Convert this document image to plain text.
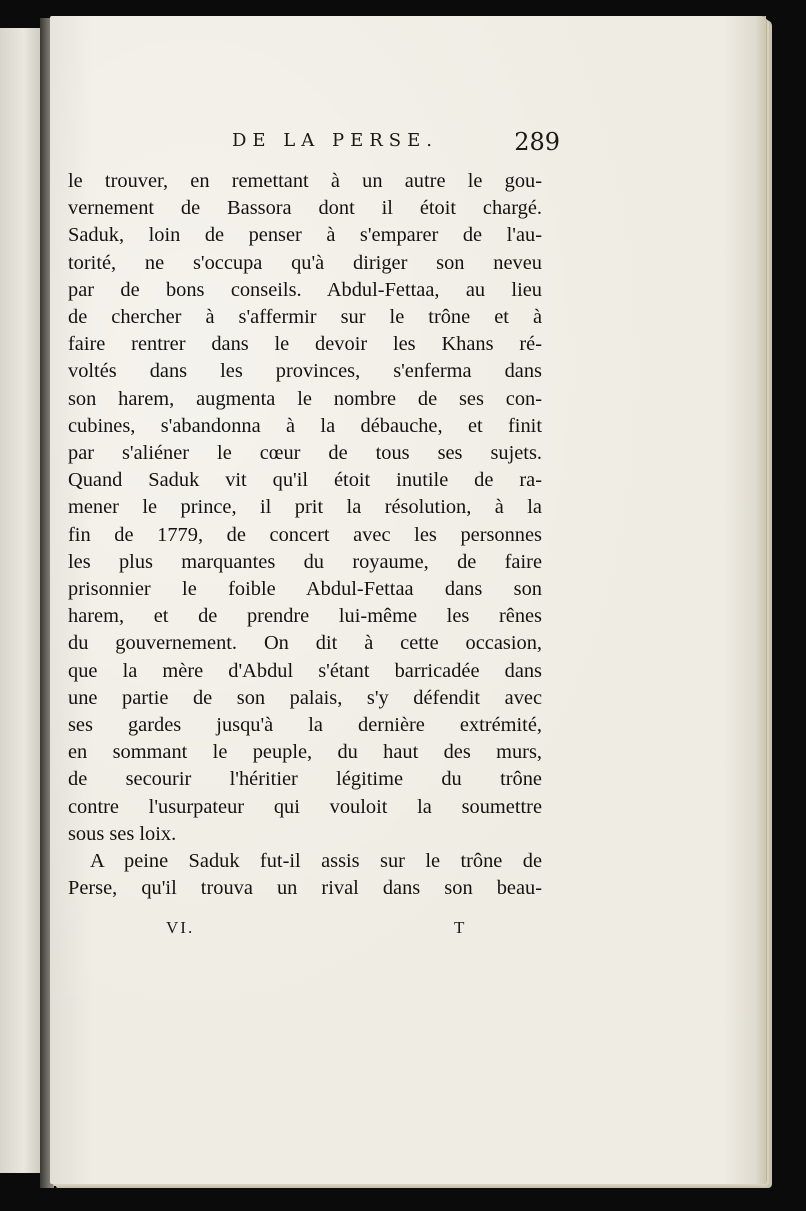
DE LA PERSE.	289
le trouver, en remettant à un autre le gou-
vernement de Bassora dont il étoit chargé.
Saduk, loin de penser à s'emparer de l'au-
torité, ne s'occupa qu'à diriger son neveu
par de bons conseils. Abdul-Fettaa, au lieu
de chercher à s'affermir sur le trône et à
faire rentrer dans le devoir les Khans ré-
voltés dans les provinces, s'enferma dans
son harem, augmenta le nombre de ses con-
cubines, s'abandonna à la débauche, et finit
par s'aliéner le cœur de tous ses sujets.
Quand Saduk vit qu'il étoit inutile de ra-
mener le prince, il prit la résolution, à la
fin de 1779, de concert avec les personnes
les plus marquantes du royaume, de faire
prisonnier le foible Abdul-Fettaa dans son
harem, et de prendre lui-même les rênes
du gouvernement. On dit à cette occasion,
que la mère d'Abdul s'étant barricadée dans
une partie de son palais, s'y défendit avec
ses gardes jusqu'à la dernière extrémité,
en sommant le peuple, du haut des murs,
de secourir l'héritier légitime du trône
contre l'usurpateur qui vouloit la soumettre
sous ses loix.
A peine Saduk fut-il assis sur le trône de
Perse, qu'il trouva un rival dans son beau-
VI.	T
